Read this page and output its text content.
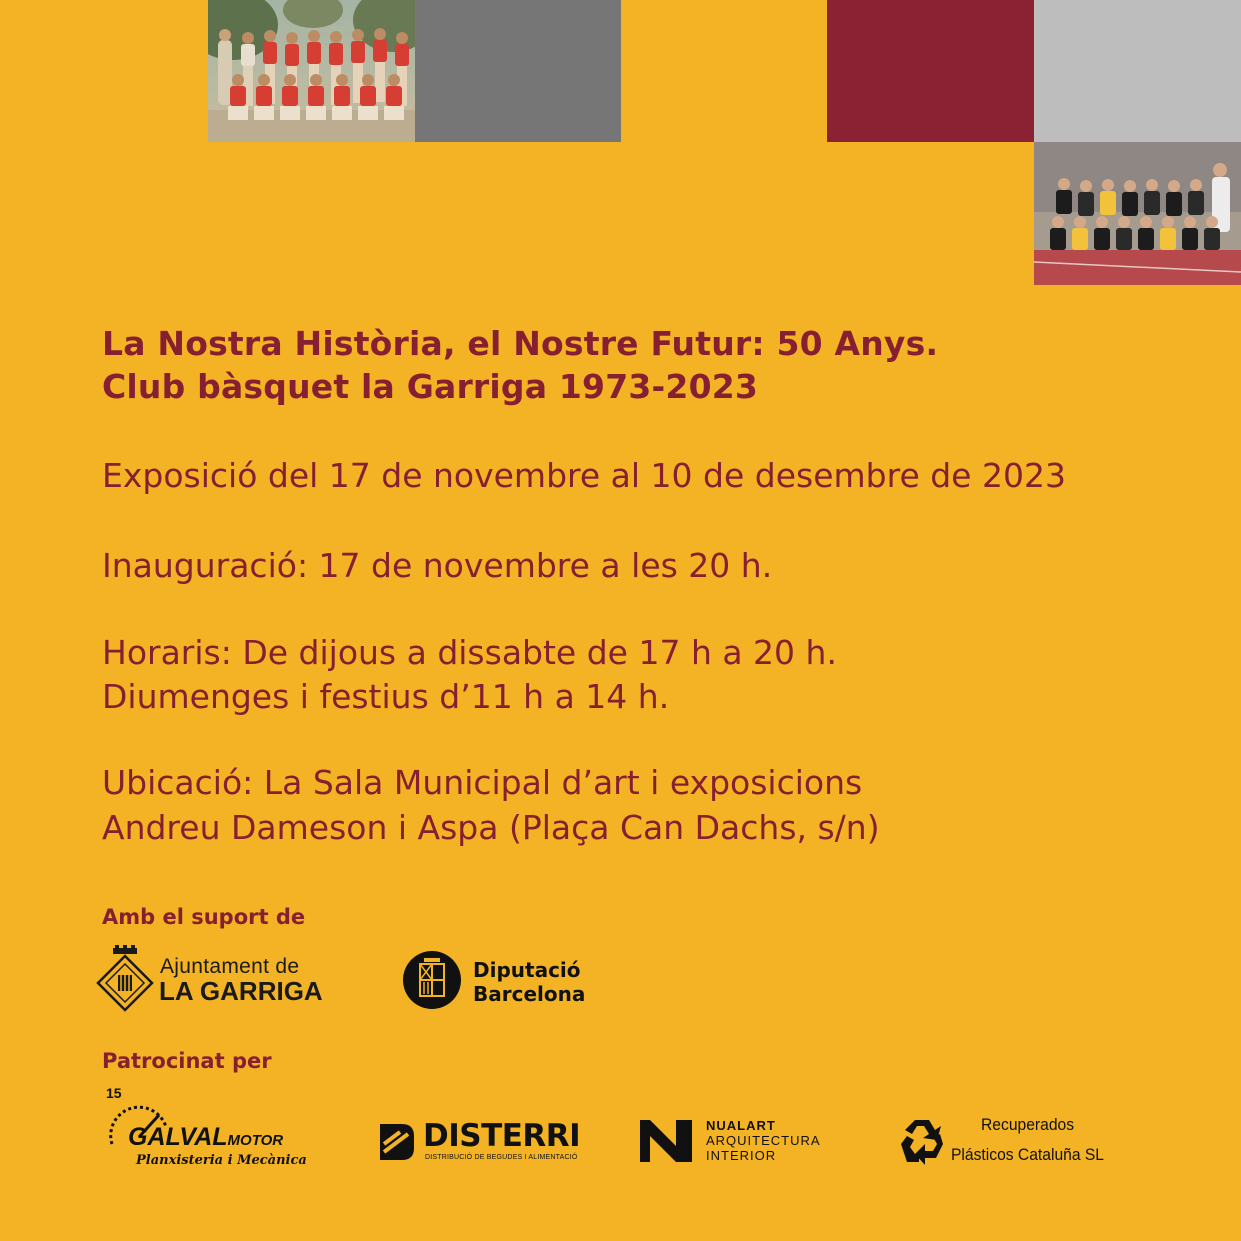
La Nostra Història, el Nostre Futur: 50 Anys.
Club bàsquet la Garriga 1973-2023

Exposició del 17 de novembre al 10 de desembre de 2023

Inauguració: 17 de novembre a les 20 h.

Horaris: De dijous a dissabte de 17 h a 20 h.

Diumenges i festius d’11 h a 14 h.

Ubicació: La Sala Municipal d’art i exposicions

Andreu Dameson i Aspa (Plaça Can Dachs, s/n)

Amb el suport de

Ajuntament de
LA GARRIGA
Diputació
Barcelona

Patrocinat per

15
GALVALMOTOR
Planxisteria i Mecànica
DISTERRI
DISTRIBUCIÓ DE BEGUDES I ALIMENTACIÓ
NUALART
ARQUITECTURA
INTERIOR
Recuperados
Plásticos Cataluña SL
